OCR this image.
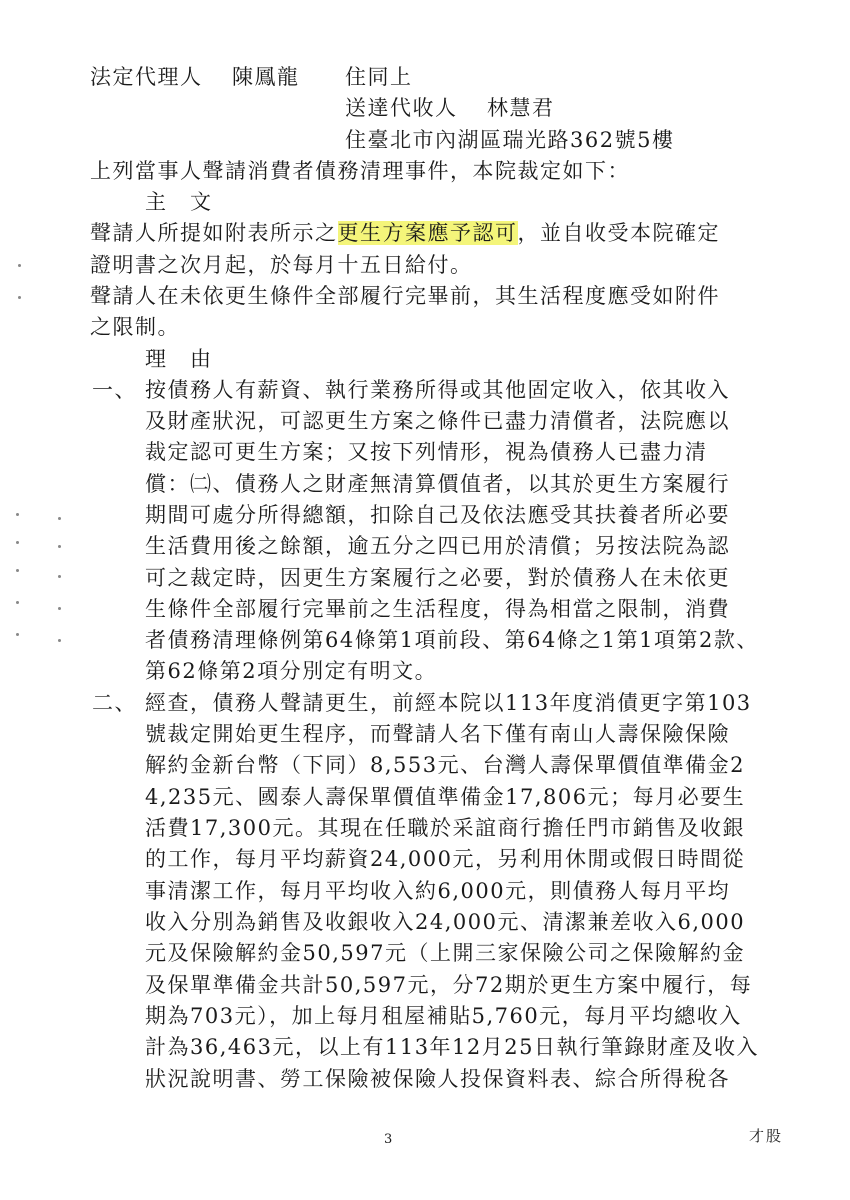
法定代理人 陳鳳龍 住同上
送達代收人 林慧君
住臺北市內湖區瑞光路362號5樓
上列當事人聲請消費者債務清理事件，本院裁定如下：
主　文
聲請人所提如附表所示之更生方案應予認可，並自收受本院確定
證明書之次月起，於每月十五日給付。
聲請人在未依更生條件全部履行完畢前，其生活程度應受如附件
之限制。
理　由
一、 按債務人有薪資、執行業務所得或其他固定收入，依其收入
及財產狀況，可認更生方案之條件已盡力清償者，法院應以
裁定認可更生方案；又按下列情形，視為債務人已盡力清
償：㈡、債務人之財產無清算價值者，以其於更生方案履行
期間可處分所得總額，扣除自己及依法應受其扶養者所必要
生活費用後之餘額，逾五分之四已用於清償；另按法院為認
可之裁定時，因更生方案履行之必要，對於債務人在未依更
生條件全部履行完畢前之生活程度，得為相當之限制，消費
者債務清理條例第64條第1項前段、第64條之1第1項第2款、
第62條第2項分別定有明文。
二、 經查，債務人聲請更生，前經本院以113年度消債更字第103
號裁定開始更生程序，而聲請人名下僅有南山人壽保險保險
解約金新台幣（下同）8,553元、台灣人壽保單價值準備金2
4,235元、國泰人壽保單價值準備金17,806元；每月必要生
活費17,300元。其現在任職於采誼商行擔任門市銷售及收銀
的工作，每月平均薪資24,000元，另利用休閒或假日時間從
事清潔工作，每月平均收入約6,000元，則債務人每月平均
收入分別為銷售及收銀收入24,000元、清潔兼差收入6,000
元及保險解約金50,597元（上開三家保險公司之保險解約金
及保單準備金共計50,597元，分72期於更生方案中履行，每
期為703元），加上每月租屋補貼5,760元，每月平均總收入
計為36,463元，以上有113年12月25日執行筆錄財產及收入
狀況說明書、勞工保險被保險人投保資料表、綜合所得稅各
3	才股
